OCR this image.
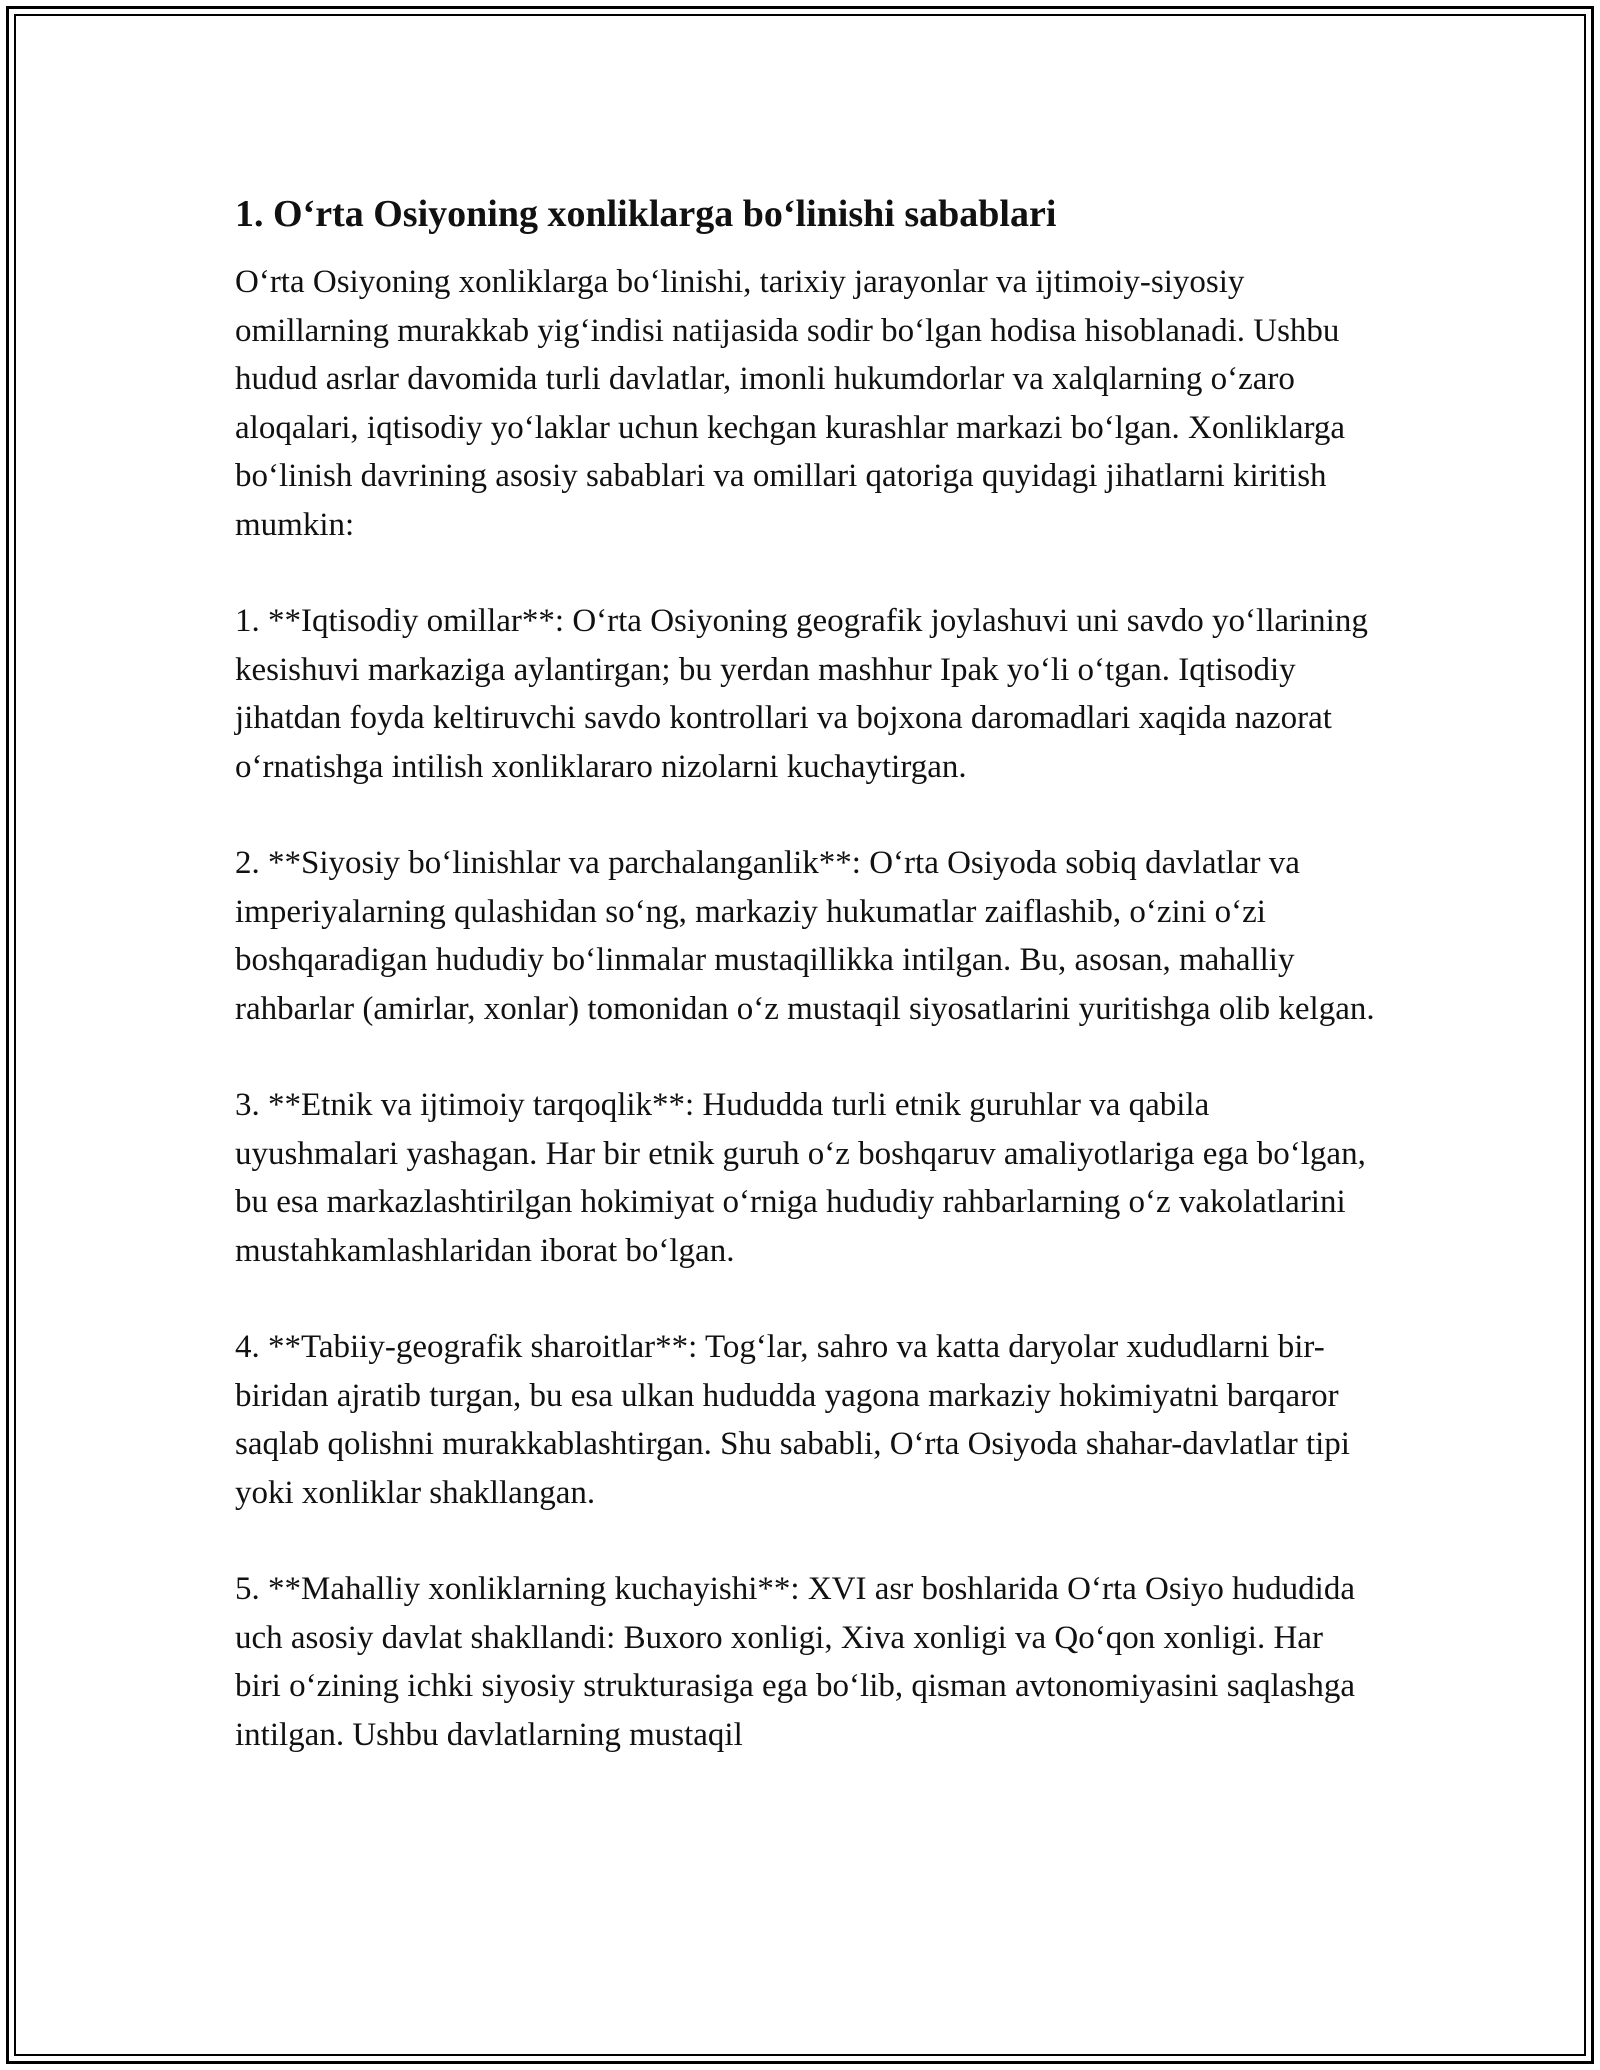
1. O‘rta Osiyoning xonliklarga bo‘linishi sabablari

O‘rta Osiyoning xonliklarga bo‘linishi, tarixiy jarayonlar va ijtimoiy-siyosiy omillarning murakkab yig‘indisi natijasida sodir bo‘lgan hodisa hisoblanadi. Ushbu hudud asrlar davomida turli davlatlar, imonli hukumdorlar va xalqlarning o‘zaro aloqalari, iqtisodiy yo‘laklar uchun kechgan kurashlar markazi bo‘lgan. Xonliklarga bo‘linish davrining asosiy sabablari va omillari qatoriga quyidagi jihatlarni kiritish mumkin:

1. **Iqtisodiy omillar**: O‘rta Osiyoning geografik joylashuvi uni savdo yo‘llarining kesishuvi markaziga aylantirgan; bu yerdan mashhur Ipak yo‘li o‘tgan. Iqtisodiy jihatdan foyda keltiruvchi savdo kontrollari va bojxona daromadlari xaqida nazorat o‘rnatishga intilish xonliklararo nizolarni kuchaytirgan.

2. **Siyosiy bo‘linishlar va parchalanganlik**: O‘rta Osiyoda sobiq davlatlar va imperiyalarning qulashidan so‘ng, markaziy hukumatlar zaiflashib, o‘zini o‘zi boshqaradigan hududiy bo‘linmalar mustaqillikka intilgan. Bu, asosan, mahalliy rahbarlar (amirlar, xonlar) tomonidan o‘z mustaqil siyosatlarini yuritishga olib kelgan.

3. **Etnik va ijtimoiy tarqoqlik**: Hududda turli etnik guruhlar va qabila uyushmalari yashagan. Har bir etnik guruh o‘z boshqaruv amaliyotlariga ega bo‘lgan, bu esa markazlashtirilgan hokimiyat o‘rniga hududiy rahbarlarning o‘z vakolatlarini mustahkamlashlaridan iborat bo‘lgan.

4. **Tabiiy-geografik sharoitlar**: Tog‘lar, sahro va katta daryolar xududlarni bir-biridan ajratib turgan, bu esa ulkan hududda yagona markaziy hokimiyatni barqaror saqlab qolishni murakkablashtirgan. Shu sababli, O‘rta Osiyoda shahar-davlatlar tipi yoki xonliklar shakllangan.

5. **Mahalliy xonliklarning kuchayishi**: XVI asr boshlarida O‘rta Osiyo hududida uch asosiy davlat shakllandi: Buxoro xonligi, Xiva xonligi va Qo‘qon xonligi. Har biri o‘zining ichki siyosiy strukturasiga ega bo‘lib, qisman avtonomiyasini saqlashga intilgan. Ushbu davlatlarning mustaqil
